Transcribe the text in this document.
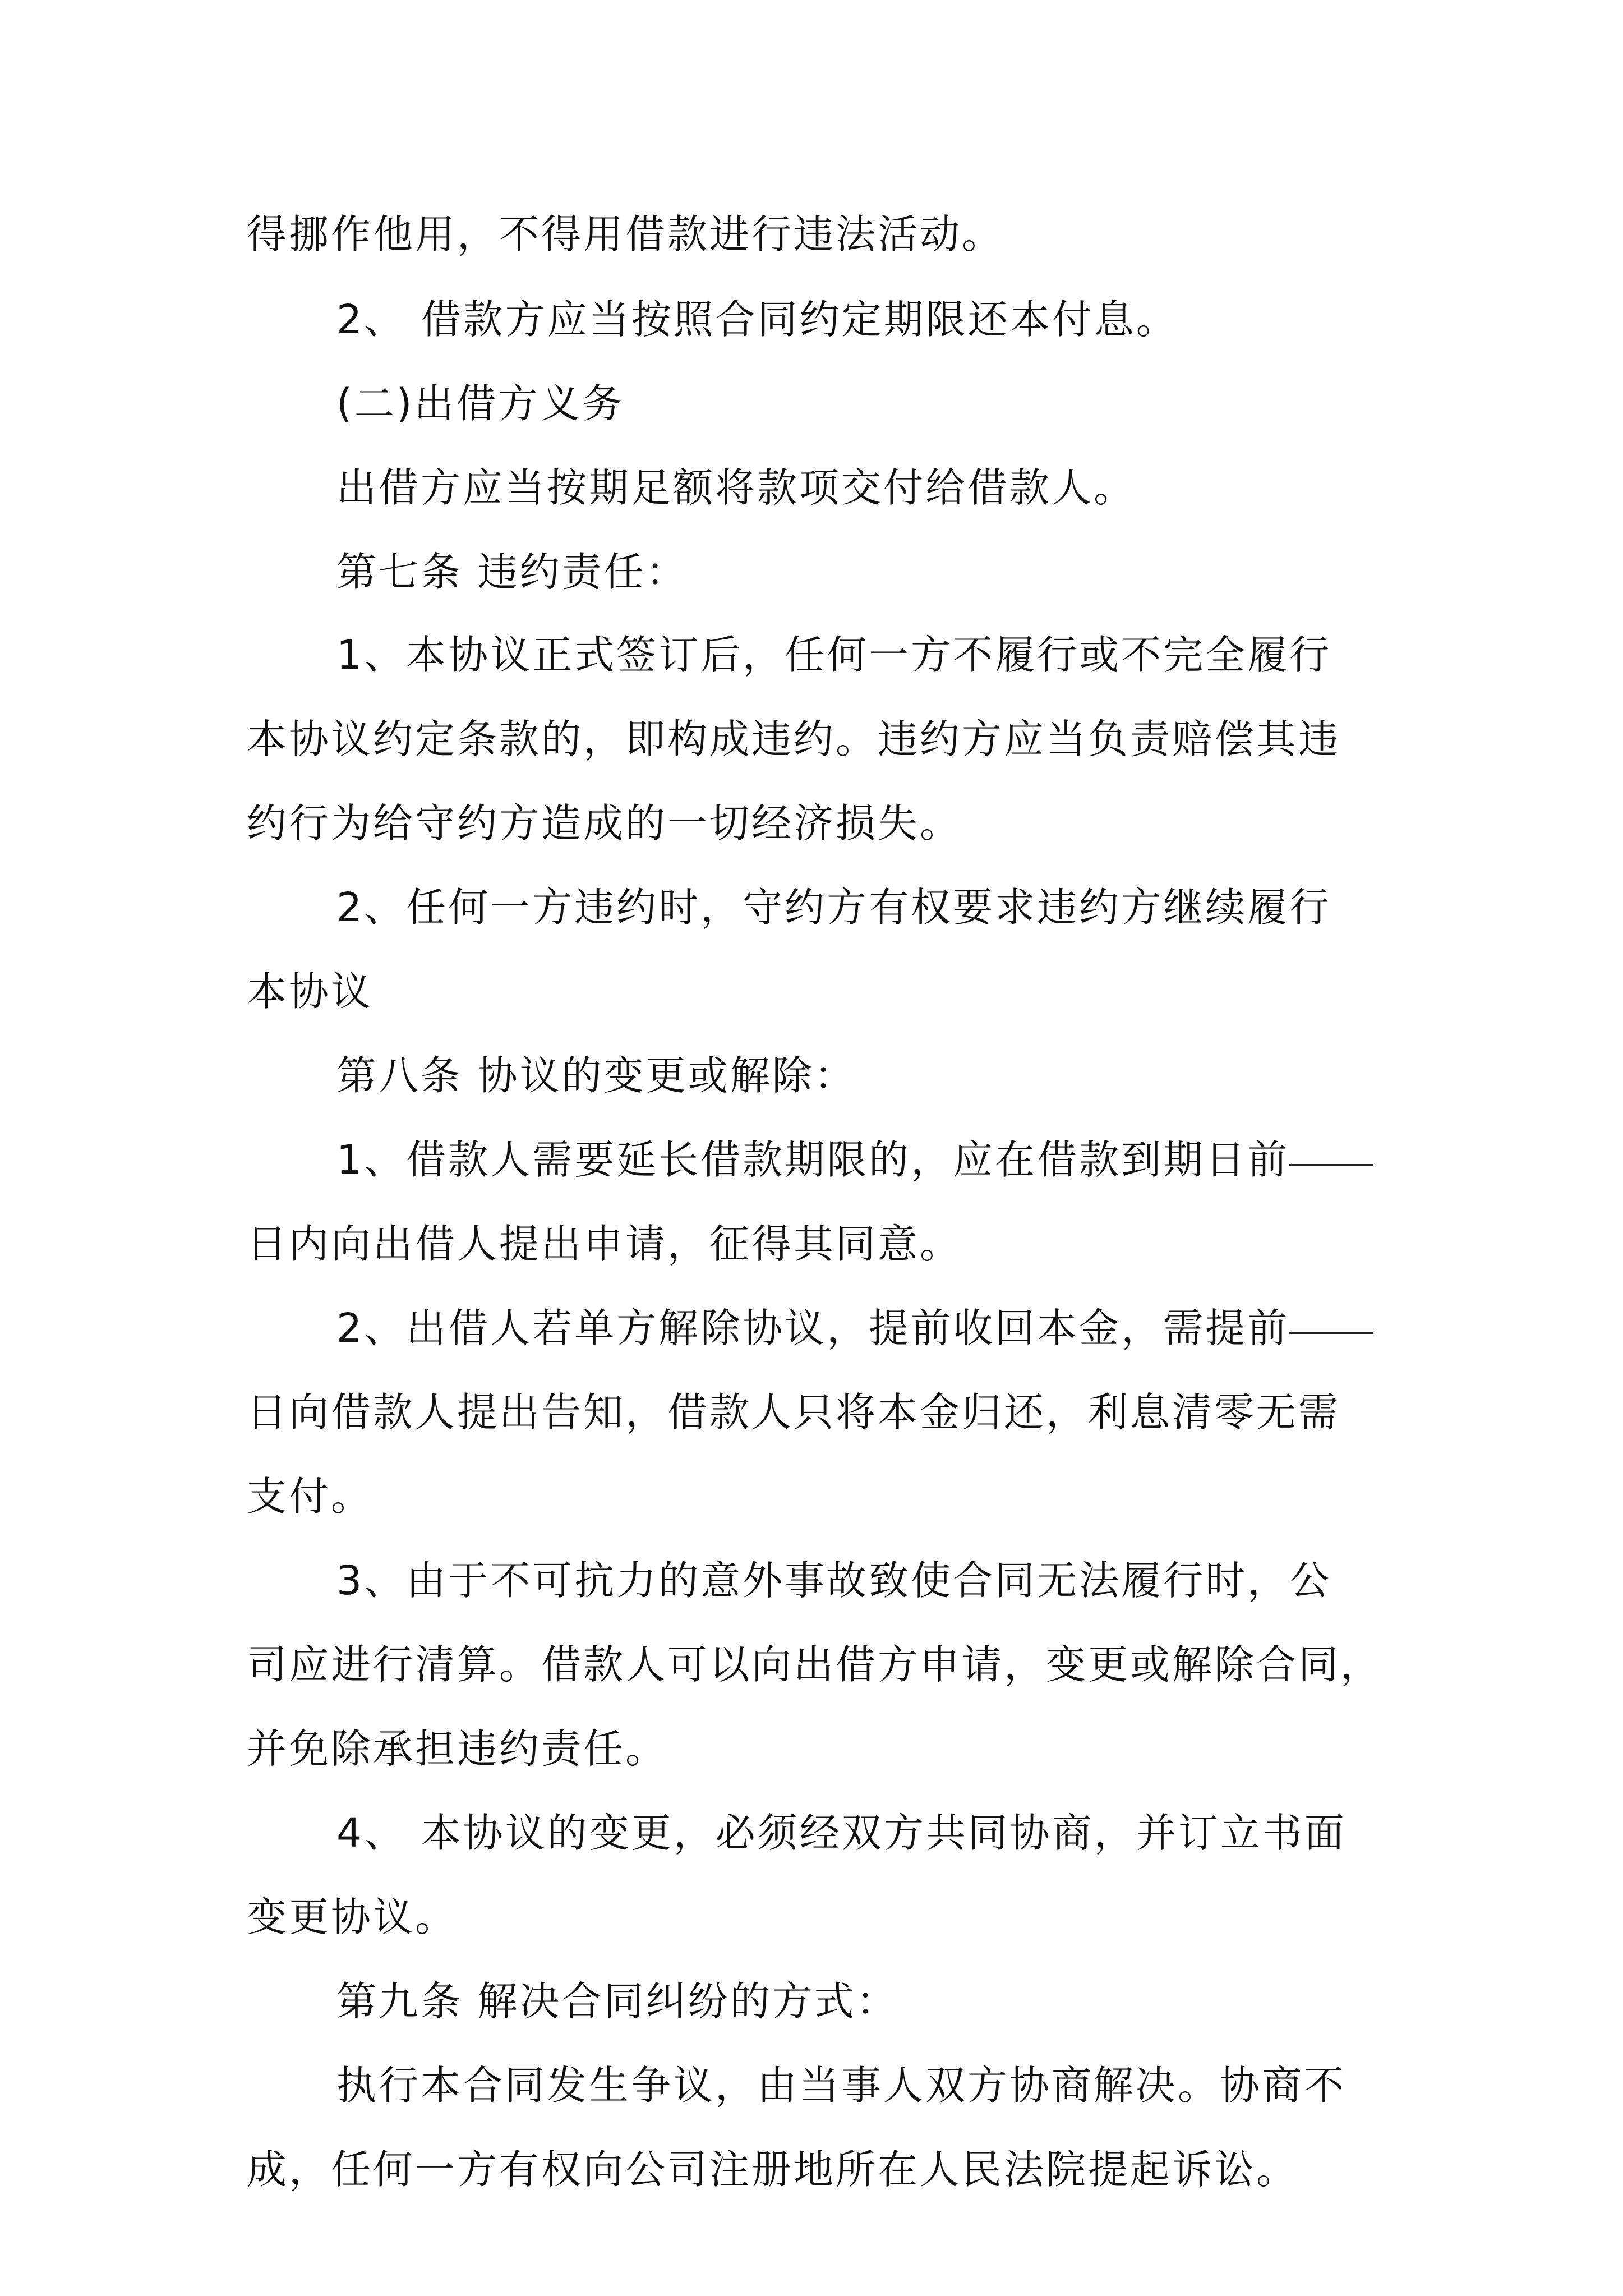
得挪作他用，不得用借款进行违法活动。
2、 借款方应当按照合同约定期限还本付息。
(二)出借方义务
出借方应当按期足额将款项交付给借款人。
第七条 违约责任：
1、本协议正式签订后，任何一方不履行或不完全履行
本协议约定条款的，即构成违约。违约方应当负责赔偿其违
约行为给守约方造成的一切经济损失。
2、任何一方违约时，守约方有权要求违约方继续履行
本协议
第八条 协议的变更或解除：
1、借款人需要延长借款期限的，应在借款到期日前
日内向出借人提出申请，征得其同意。
2、出借人若单方解除协议，提前收回本金，需提前
日向借款人提出告知，借款人只将本金归还，利息清零无需
支付。
3、由于不可抗力的意外事故致使合同无法履行时，公
司应进行清算。借款人可以向出借方申请，变更或解除合同，
并免除承担违约责任。
4、 本协议的变更，必须经双方共同协商，并订立书面
变更协议。
第九条 解决合同纠纷的方式：
执行本合同发生争议，由当事人双方协商解决。协商不
成，任何一方有权向公司注册地所在人民法院提起诉讼。
